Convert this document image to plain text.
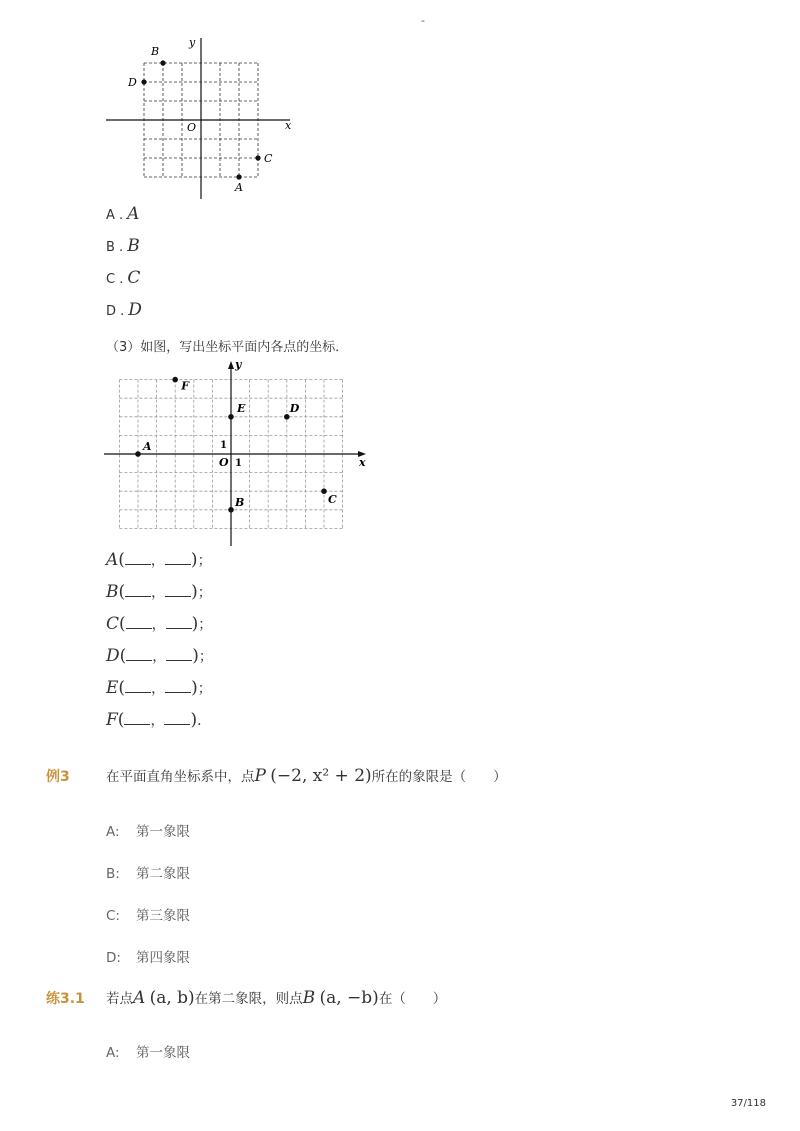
-
x
y
O
A
B
C
D
A . A
B . B
C . C
D . D
（3）如图，写出坐标平面内各点的坐标．
x
y
O 1
1
A
B	C
D
E
F
A( ， )；
B( ， )；
C( ， )；
D( ， )；
E( ， )；
F( ， )．
例3	在平面直角坐标系中，点P (−2, x² + 2)所在的象限是（　　）
A: 第一象限
B: 第二象限
C: 第三象限
D: 第四象限
练3.1 若点A (a, b)在第二象限，则点B (a, −b)在（　　）
A: 第一象限
37/118
